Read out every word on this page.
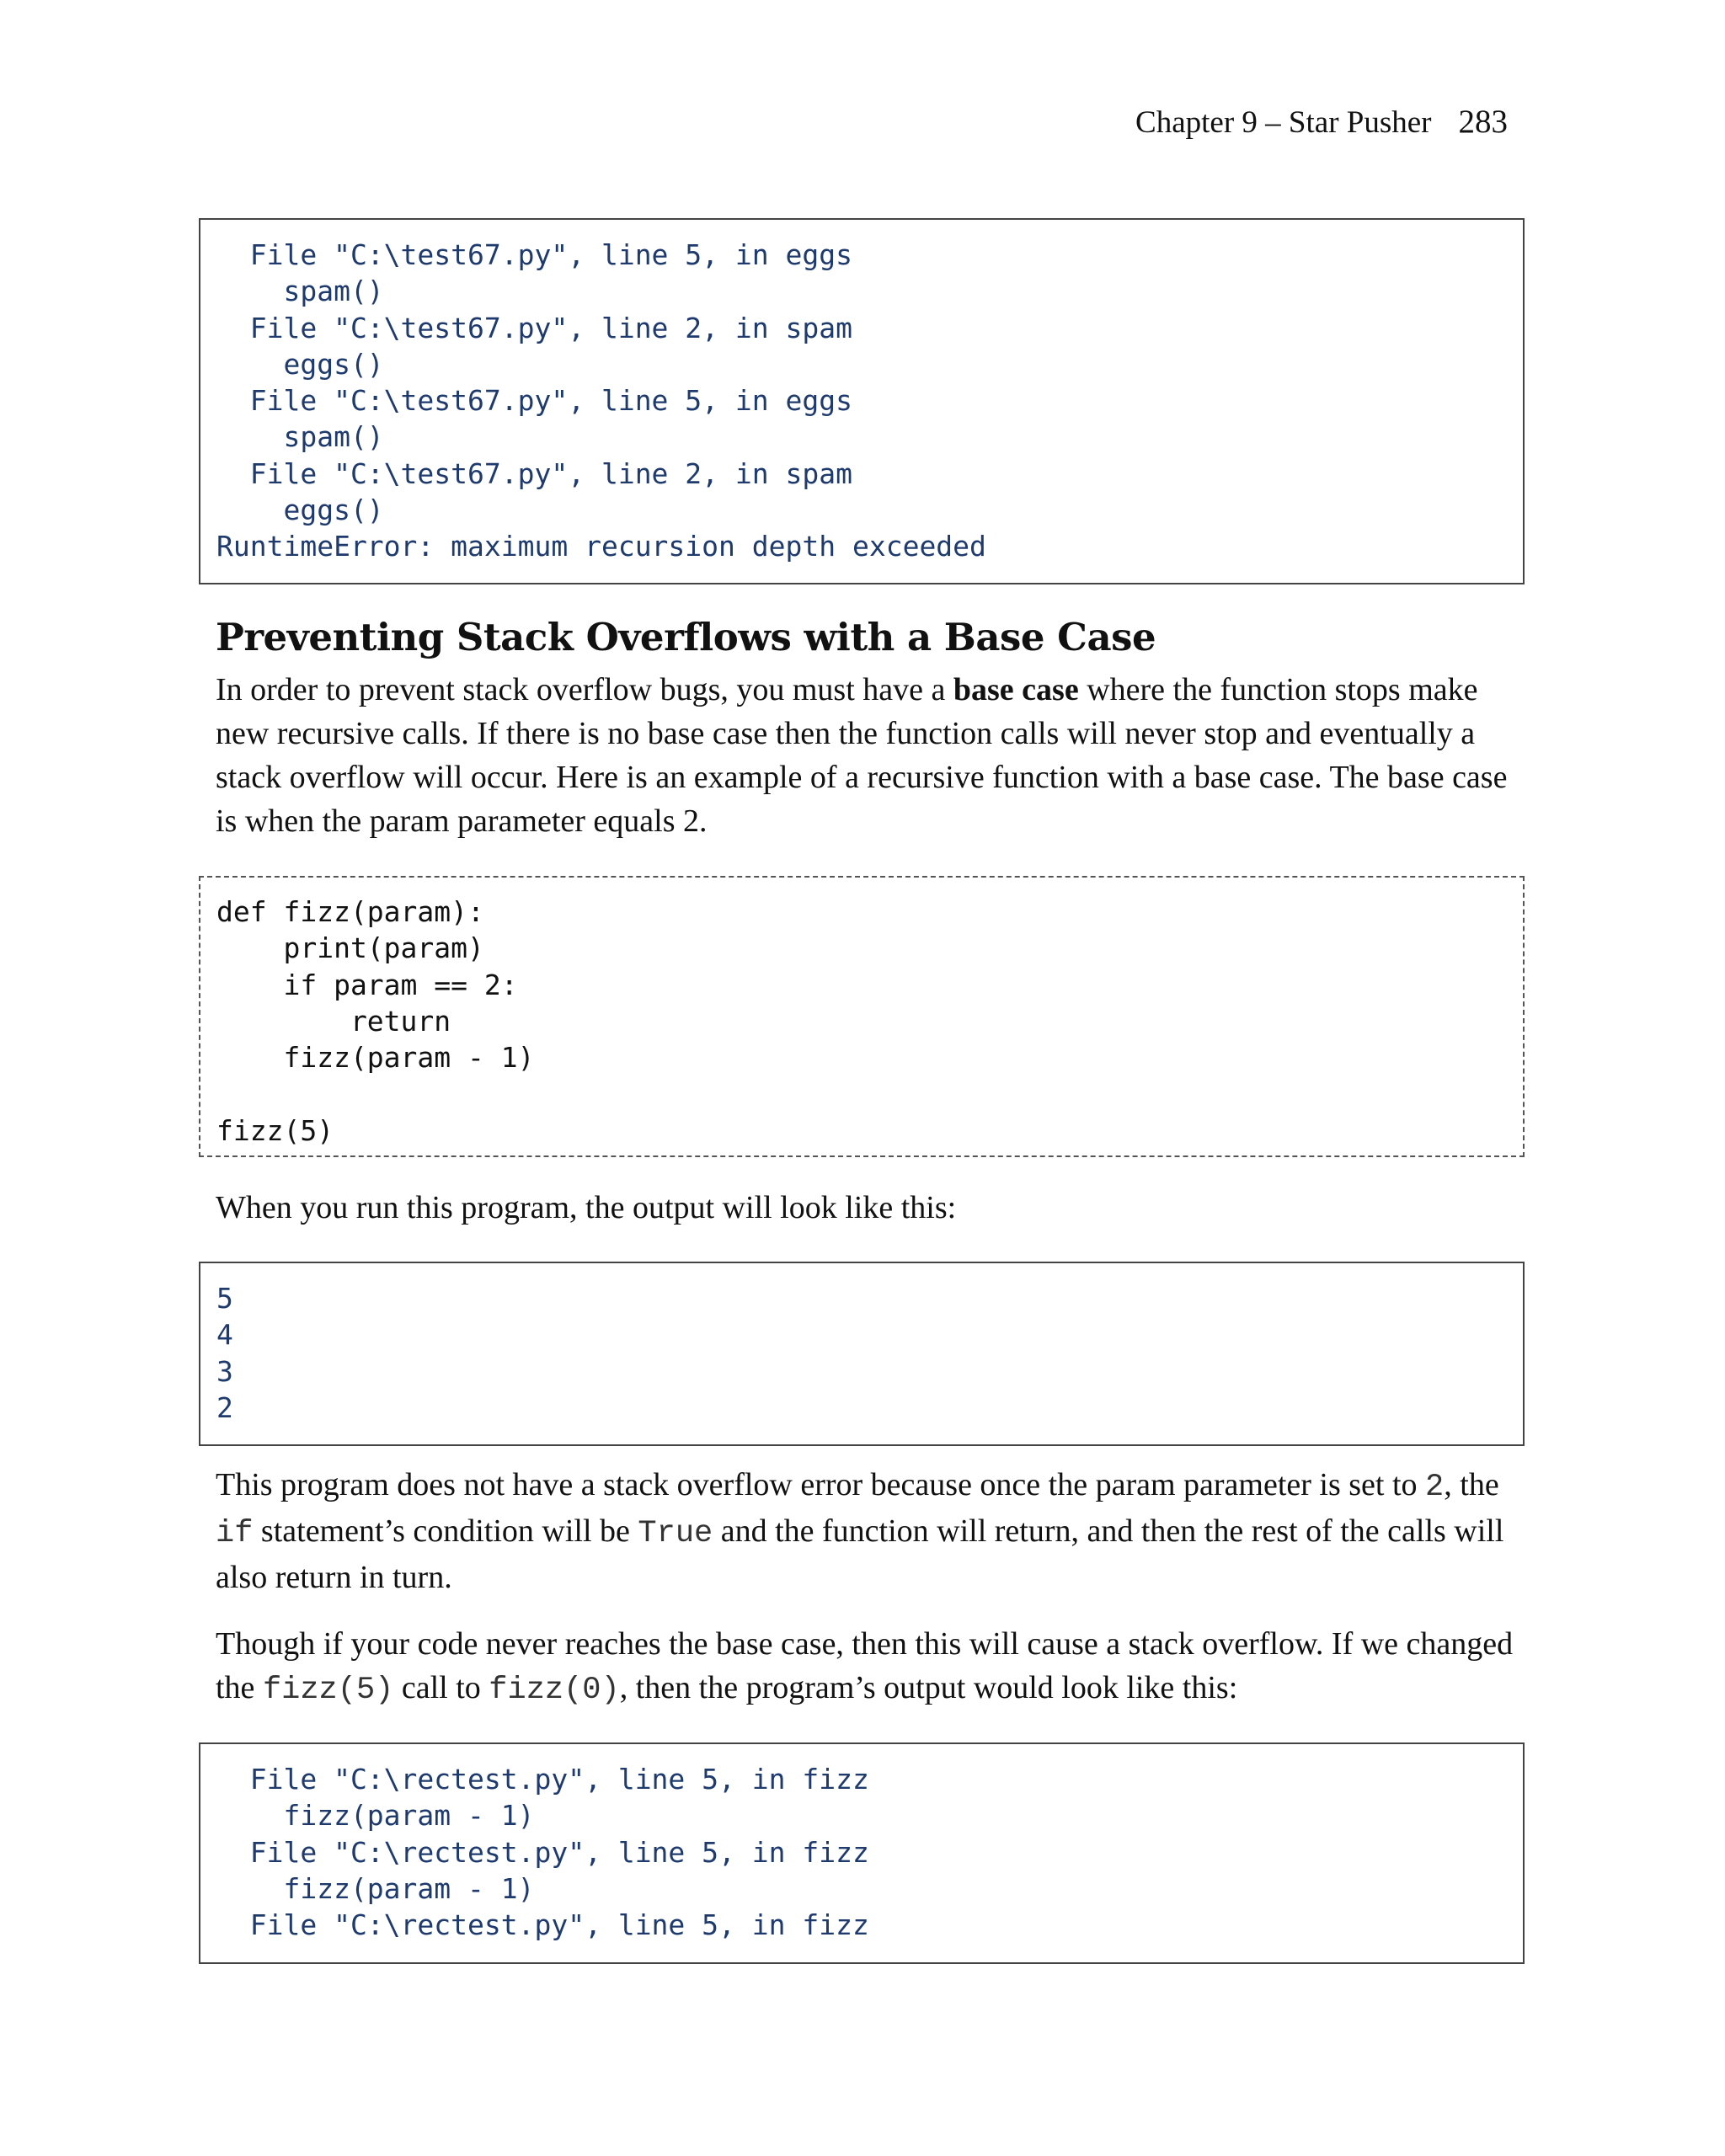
Chapter 9 – Star Pusher 283
File "C:\test67.py", line 5, in eggs
spam()
File "C:\test67.py", line 2, in spam
eggs()
File "C:\test67.py", line 5, in eggs
spam()
File "C:\test67.py", line 2, in spam
eggs()
RuntimeError: maximum recursion depth exceeded
Preventing Stack Overflows with a Base Case

In order to prevent stack overflow bugs, you must have a base case where the function stops make new recursive calls. If there is no base case then the function calls will never stop and eventually a stack overflow will occur. Here is an example of a recursive function with a base case. The base case is when the param parameter equals 2.

def fizz(param):
print(param)
if param == 2:
return
fizz(param - 1)

fizz(5)

When you run this program, the output will look like this:

5
4
3
2

This program does not have a stack overflow error because once the param parameter is set to 2, the if statement’s condition will be True and the function will return, and then the rest of the calls will also return in turn.

Though if your code never reaches the base case, then this will cause a stack overflow. If we changed the fizz(5) call to fizz(0), then the program’s output would look like this:

File "C:\rectest.py", line 5, in fizz
fizz(param - 1)
File "C:\rectest.py", line 5, in fizz
fizz(param - 1)
File "C:\rectest.py", line 5, in fizz
